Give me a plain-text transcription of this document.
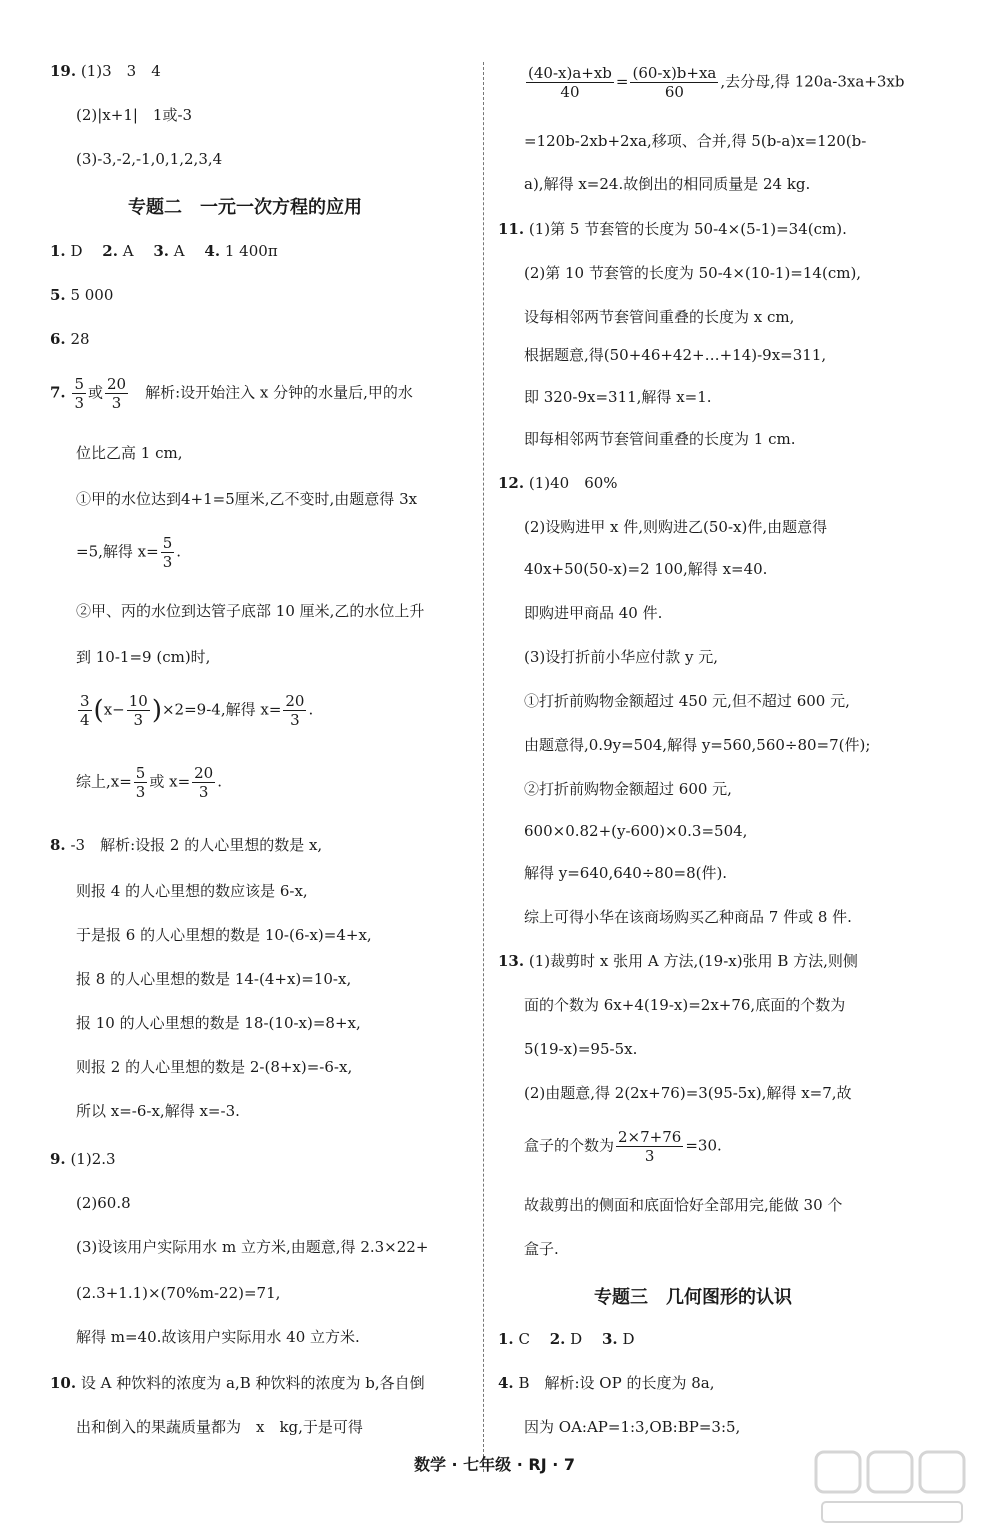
19. (1)3　3　4
(2)|x+1|　1或-3
(3)-3,-2,-1,0,1,2,3,4
专题二　一元一次方程的应用
1. D　 2. A　 3. A　 4. 1 400π
5. 5 000
6. 28
7. $\frac{5}{3}$ 或 $\frac{20}{3}$ 　解析:设开始注入 x 分钟的水量后,甲的水
位比乙高 1 cm,
①甲的水位达到4+1=5厘米,乙不变时,由题意得 3x
=5,解得 $x= \frac{5}{3}$ .
②甲、丙的水位到达管子底部 10 厘米,乙的水位上升
到 10-1=9 (cm)时,
$\frac{3}{4} (x- \frac{10}{3} )\times 2=9-4$,解得 $x= \frac{20}{3}$ .
综上$,x= \frac{5}{3}$ 或 $x= \frac{20}{3}$ .
8. -3　解析:设报 2 的人心里想的数是 x,
则报 4 的人心里想的数应该是 6-x,
于是报 6 的人心里想的数是 10-(6-x)=4+x,
报 8 的人心里想的数是 14-(4+x)=10-x,
报 10 的人心里想的数是 18-(10-x)=8+x,
则报 2 的人心里想的数是 2-(8+x)=-6-x,
所以 x=-6-x,解得 x=-3.
9. (1)2.3
(2)60.8
(3)设该用户实际用水 m 立方米,由题意,得 2.3×22+
(2.3+1.1)×(70%m-22)=71,
解得 m=40.故该用户实际用水 40 立方米.
10. 设 A 种饮料的浓度为 a,B 种饮料的浓度为 b,各自倒
出和倒入的果蔬质量都为　x　kg,于是可得
$\frac{(40-x)a+xb}{40} = \frac{(60-x)b+xa}{60}$ ,去分母,得 120a-3xa+3xb
=120b-2xb+2xa,移项、合并,得 5(b-a)x=120(b-
a),解得 x=24.故倒出的相同质量是 24 kg.
11. (1)第 5 节套管的长度为 50-4×(5-1)=34(cm).
(2)第 10 节套管的长度为 50-4×(10-1)=14(cm),
设每相邻两节套管间重叠的长度为 x cm,
根据题意,得(50+46+42+…+14)-9x=311,
即 320-9x=311,解得 x=1.
即每相邻两节套管间重叠的长度为 1 cm.
12. (1)40　60%
(2)设购进甲 x 件,则购进乙(50-x)件,由题意得
40x+50(50-x)=2 100,解得 x=40.
即购进甲商品 40 件.
(3)设打折前小华应付款 y 元,
①打折前购物金额超过 450 元,但不超过 600 元,
由题意得,0.9y=504,解得 y=560,560÷80=7(件);
②打折前购物金额超过 600 元,
600×0.82+(y-600)×0.3=504,
解得 y=640,640÷80=8(件).
综上可得小华在该商场购买乙种商品 7 件或 8 件.
13. (1)裁剪时 x 张用 A 方法,(19-x)张用 B 方法,则侧
面的个数为 6x+4(19-x)=2x+76,底面的个数为
5(19-x)=95-5x.
(2)由题意,得 2(2x+76)=3(95-5x),解得 x=7,故
盒子的个数为 $\frac{2\times 7+76}{3} =30$.
故裁剪出的侧面和底面恰好全部用完,能做 30 个
盒子.
专题三　几何图形的认识
1. C　 2. D　 3. D
4. B　解析:设 OP 的长度为 8a,
因为 OA:AP=1:3,OB:BP=3:5,
数学 · 七年级 · RJ · 7
